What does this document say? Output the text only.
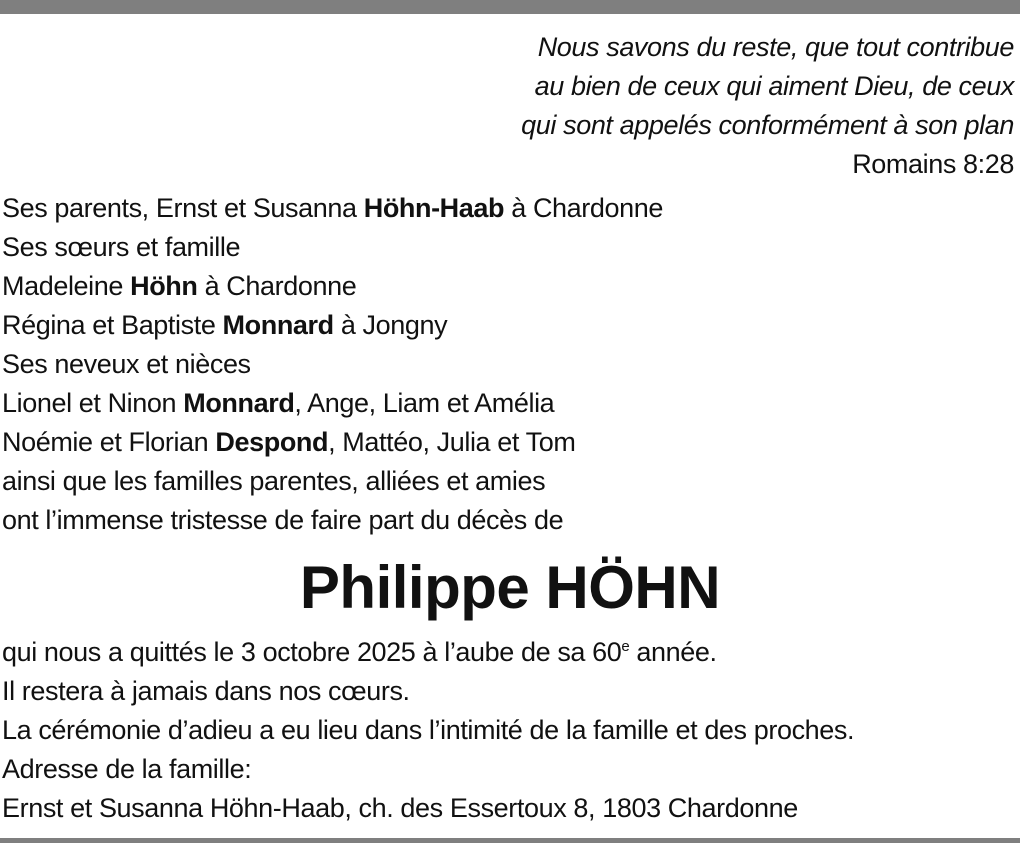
Nous savons du reste, que tout contribue
au bien de ceux qui aiment Dieu, de ceux
qui sont appelés conformément à son plan
Romains 8:28
Ses parents, Ernst et Susanna Höhn-Haab à Chardonne
Ses sœurs et famille
Madeleine Höhn à Chardonne
Régina et Baptiste Monnard à Jongny
Ses neveux et nièces
Lionel et Ninon Monnard, Ange, Liam et Amélia
Noémie et Florian Despond, Mattéo, Julia et Tom
ainsi que les familles parentes, alliées et amies
ont l’immense tristesse de faire part du décès de
Philippe HÖHN
qui nous a quittés le 3 octobre 2025 à l’aube de sa 60e année.
Il restera à jamais dans nos cœurs.
La cérémonie d’adieu a eu lieu dans l’intimité de la famille et des proches.
Adresse de la famille:
Ernst et Susanna Höhn-Haab, ch. des Essertoux 8, 1803 Chardonne
